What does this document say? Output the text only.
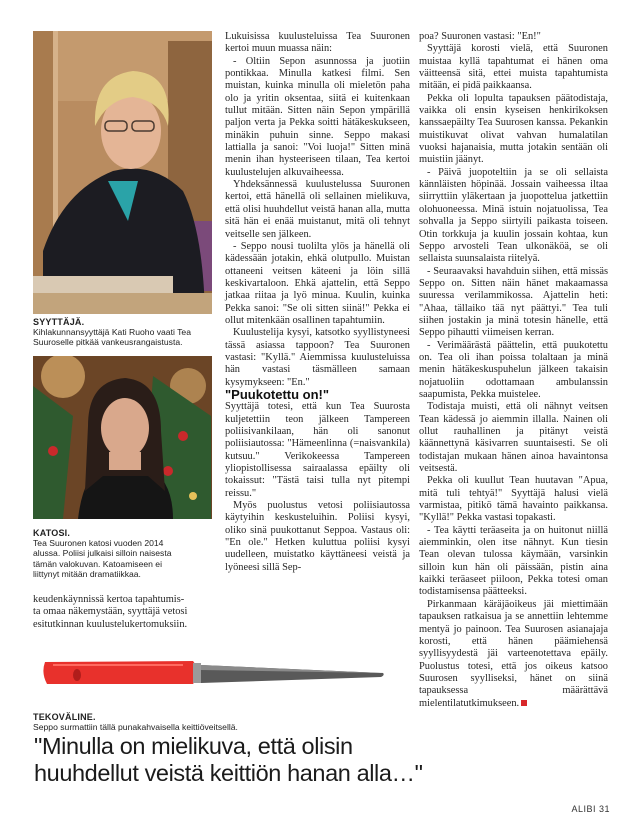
SYYTTÄJÄ.
Kihlakunnansyyttäjä Kati Ruoho vaati Tea
Suuroselle pitkää vankeusrangaistusta.
KATOSI.
Tea Suuronen katosi vuoden 2014
alussa. Poliisi julkaisi silloin naisesta
tämän valokuvan. Katoamiseen ei
liittynyt mitään dramatiikkaa.

keudenkäynnissä kertoa tapahtumis-
ta omaa näkemystään, syyttäjä vetosi
esitutkinnan kuulustelukertomuksiin.

Lukuisissa kuulusteluissa Tea Suuronen kertoi muun muassa näin:

- Oltiin Sepon asunnossa ja juotiin pontikkaa. Minulla katkesi filmi. Sen muistan, kuinka minulla oli mieletön paha olo ja yritin oksentaa, siitä ei kuitenkaan tullut mitään. Sitten näin Sepon ympärillä paljon verta ja Pekka soitti hätäkeskukseen, minäkin puhuin sinne. Seppo makasi lattialla ja sanoi: "Voi luoja!" Sitten minä menin ihan hysteeriseen tilaan, Tea kertoi kuulustelujen alkuvaiheessa.

Yhdeksännessä kuulustelussa Suuronen kertoi, että hänellä oli sellainen mielikuva, että olisi huuhdellut veistä hanan alla, mutta sitä hän ei enää muistanut, mitä oli tehnyt veitselle sen jälkeen.

- Seppo nousi tuolilta ylös ja hänellä oli kädessään jotakin, ehkä olutpullo. Muistan ottaneeni veitsen käteeni ja löin sillä keskivartaloon. Ehkä ajattelin, että Seppo jatkaa riitaa ja lyö minua. Kuulin, kuinka Pekka sanoi: "Se oli sitten siinä!" Pekka ei ollut mitenkään osallinen tapahtumiin.

Kuulustelija kysyi, katsotko syyllistyneesi tässä asiassa tappoon? Tea Suuronen vastasi: "Kyllä." Aiemmissa kuulusteluissa hän vastasi täsmälleen samaan kysymykseen: "En."

"Puukotettu on!"

Syyttäjä totesi, että kun Tea Suurosta kuljetettiin teon jälkeen Tampereen poliisivankilaan, hän oli sanonut poliisiautossa: "Hämeenlinna (=naisvankila) kutsuu." Verikokeessa Tampereen yliopistollisessa sairaalassa epäilty oli tokaissut: "Tästä taisi tulla nyt pitempi reissu."

Myös puolustus vetosi poliisiautossa käytyihin keskusteluihin. Poliisi kysyi, oliko sinä puukottanut Seppoa. Vastaus oli: "En ole." Hetken kuluttua poliisi kysyi uudelleen, muistatko käyttäneesi veistä ja lyöneesi sillä Sep-

poa? Suuronen vastasi: "En!"

Syyttäjä korosti vielä, että Suuronen muistaa kyllä tapahtumat ei hänen oma väitteensä sitä, ettei muista tapahtumista mitään, ei pidä paikkaansa.

Pekka oli lopulta tapauksen päätodistaja, vaikka oli ensin kyseisen henkirikoksen kanssaepäilty Tea Suurosen kanssa. Pekankin muistikuvat olivat vahvan humalatilan vuoksi hajanaisia, mutta jotakin sentään oli muistiin jäänyt.

- Päivä juopoteltiin ja se oli sellaista kännläisten höpinää. Jossain vaiheessa iltaa siirryttiin yläkertaan ja juopottelua jatkettiin olohuoneessa. Minä istuin nojatuolissa, Tea sohvalla ja Seppo siirtyili paikasta toiseen. Otin torkkuja ja kuulin jossain kohtaa, kun Seppo arvosteli Tean ulkonäköä, se oli sellaista suunsalaista riitelyä.

- Seuraavaksi havahduin siihen, että missäs Seppo on. Sitten näin hänet makaamassa suuressa verilammikossa. Ajattelin heti: "Ahaa, tällaiko tää nyt päättyi." Tea tuli siihen jostakin ja minä totesin hänelle, että Seppo pihautti viimeisen kerran.

- Verimäärästä päättelin, että puukotettu on. Tea oli ihan poissa tolaltaan ja minä menin hätäkeskuspuhelun jälkeen takaisin nojatuoliin odottamaan ambulanssin saapumista, Pekka muistelee.

Todistaja muisti, että oli nähnyt veitsen Tean kädessä jo aiemmin illalla. Nainen oli ollut rauhallinen ja pitänyt veistä käännettynä käsivarren suuntaisesti. Se oli todistajan mukaan hänen ainoa havaintonsa veitsestä.

Pekka oli kuullut Tean huutavan "Apua, mitä tuli tehtyä!" Syyttäjä halusi vielä varmistaa, pitikö tämä havainto paikkansa. "Kyllä!" Pekka vastasi topakasti.

- Tea käytti teräaseita ja on huitonut niillä aiemminkin, olen itse nähnyt. Kun tiesin Tean olevan tulossa käymään, varsinkin silloin kun hän oli päissään, pistin aina kaikki teräaseet piiloon, Pekka totesi oman todistamisensa päätteeksi.

Pirkanmaan käräjäoikeus jäi miettimään tapauksen ratkaisua ja se annettiin lehtemme mentyä jo painoon. Tea Suurosen asianajaja korosti, että hänen päämiehensä syyllisyydestä jäi varteenotettava epäily. Puolustus totesi, että jos oikeus katsoo Suurosen syylliseksi, hänet on siinä tapauksessa määrättävä mielentilatutkimukseen.

TEKOVÄLINE.
Seppo surmattiin tällä punakahvaisella keittiöveitsellä.
"Minulla on mielikuva, että olisin huuhdellut veistä keittiön hanan alla…"
ALIBI 31
